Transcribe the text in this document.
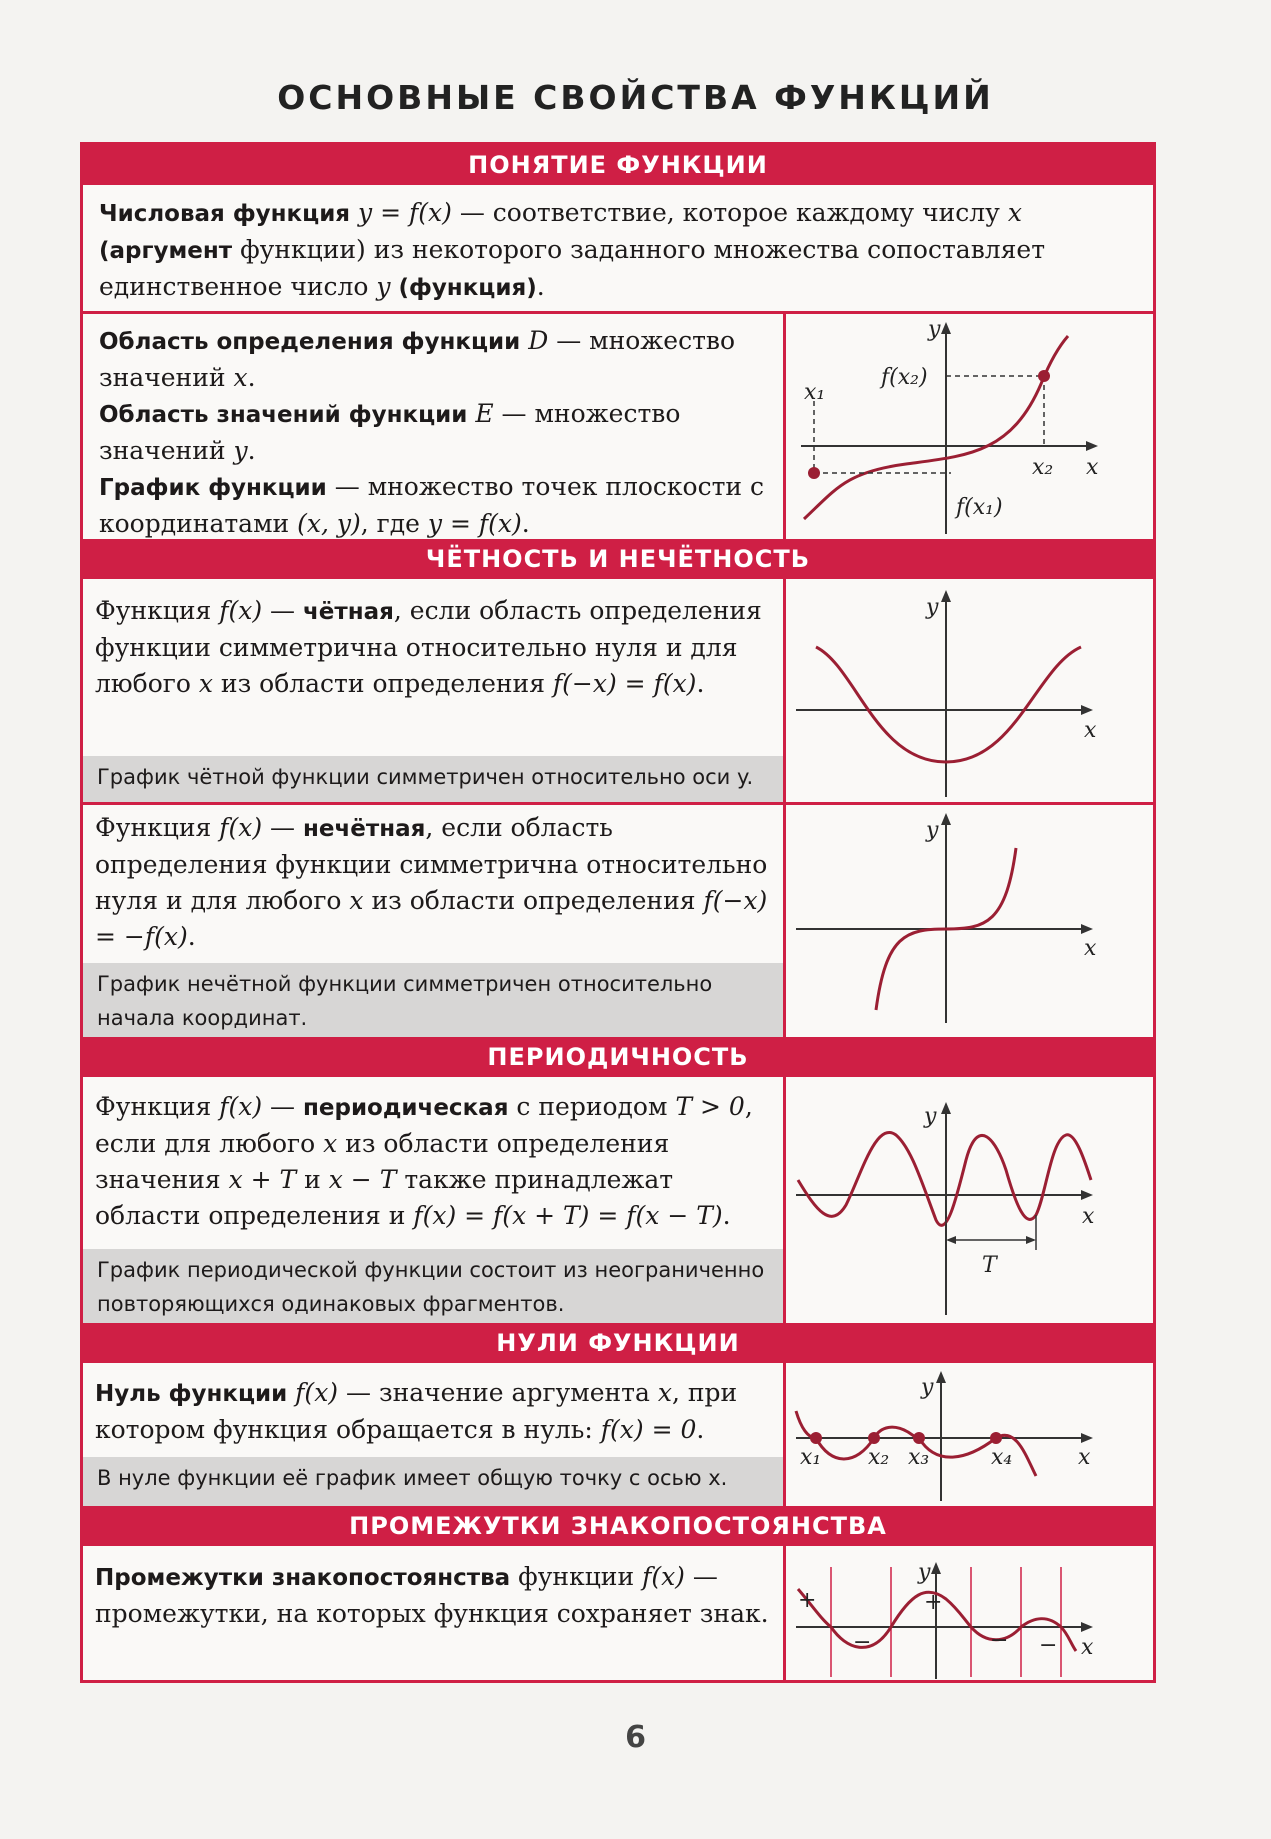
ОСНОВНЫЕ СВОЙСТВА ФУНКЦИЙ
ПОНЯТИЕ ФУНКЦИИ

Числовая функция y = f(x) — соответствие, которое каждому числу x (аргумент функции) из некоторого заданного множества сопоставляет единственное число y (функция).

Область определения функции D — множество значений x.
Область значений функции E — множество значений y.
График функции — множество точек плоскости с координатами (x, y), где y = f(x).

y
x
x₁
x₂
f(x₂)
f(x₁)
ЧЁТНОСТЬ И НЕЧЁТНОСТЬ

Функция f(x) — чётная, если область определения функции симметрична относительно нуля и для любого x из области определения f(−x) = f(x).

График чётной функции симметричен относительно оси y.
y
x

Функция f(x) — нечётная, если область определения функции симметрична относительно нуля и для любого x из области определения f(−x) = −f(x).

График нечётной функции симметричен относительно начала координат.
y
x
ПЕРИОДИЧНОСТЬ

Функция f(x) — периодическая с периодом T > 0, если для любого x из области определения значения x + T и x − T также принадлежат области определения и f(x) = f(x + T) = f(x − T).

График периодической функции состоит из неограниченно повторяющихся одинаковых фрагментов.
y
x
T
НУЛИ ФУНКЦИИ

Нуль функции f(x) — значение аргумента x, при котором функция обращается в нуль: f(x) = 0.

В нуле функции её график имеет общую точку с осью x.
y
x
x₁ x₂ x₃	x₄
ПРОМЕЖУТКИ ЗНАКОПОСТОЯНСТВА

Промежутки знакопостоянства функции f(x) — промежутки, на которых функция сохраняет знак.

y
x
+	+
−	− −
6
